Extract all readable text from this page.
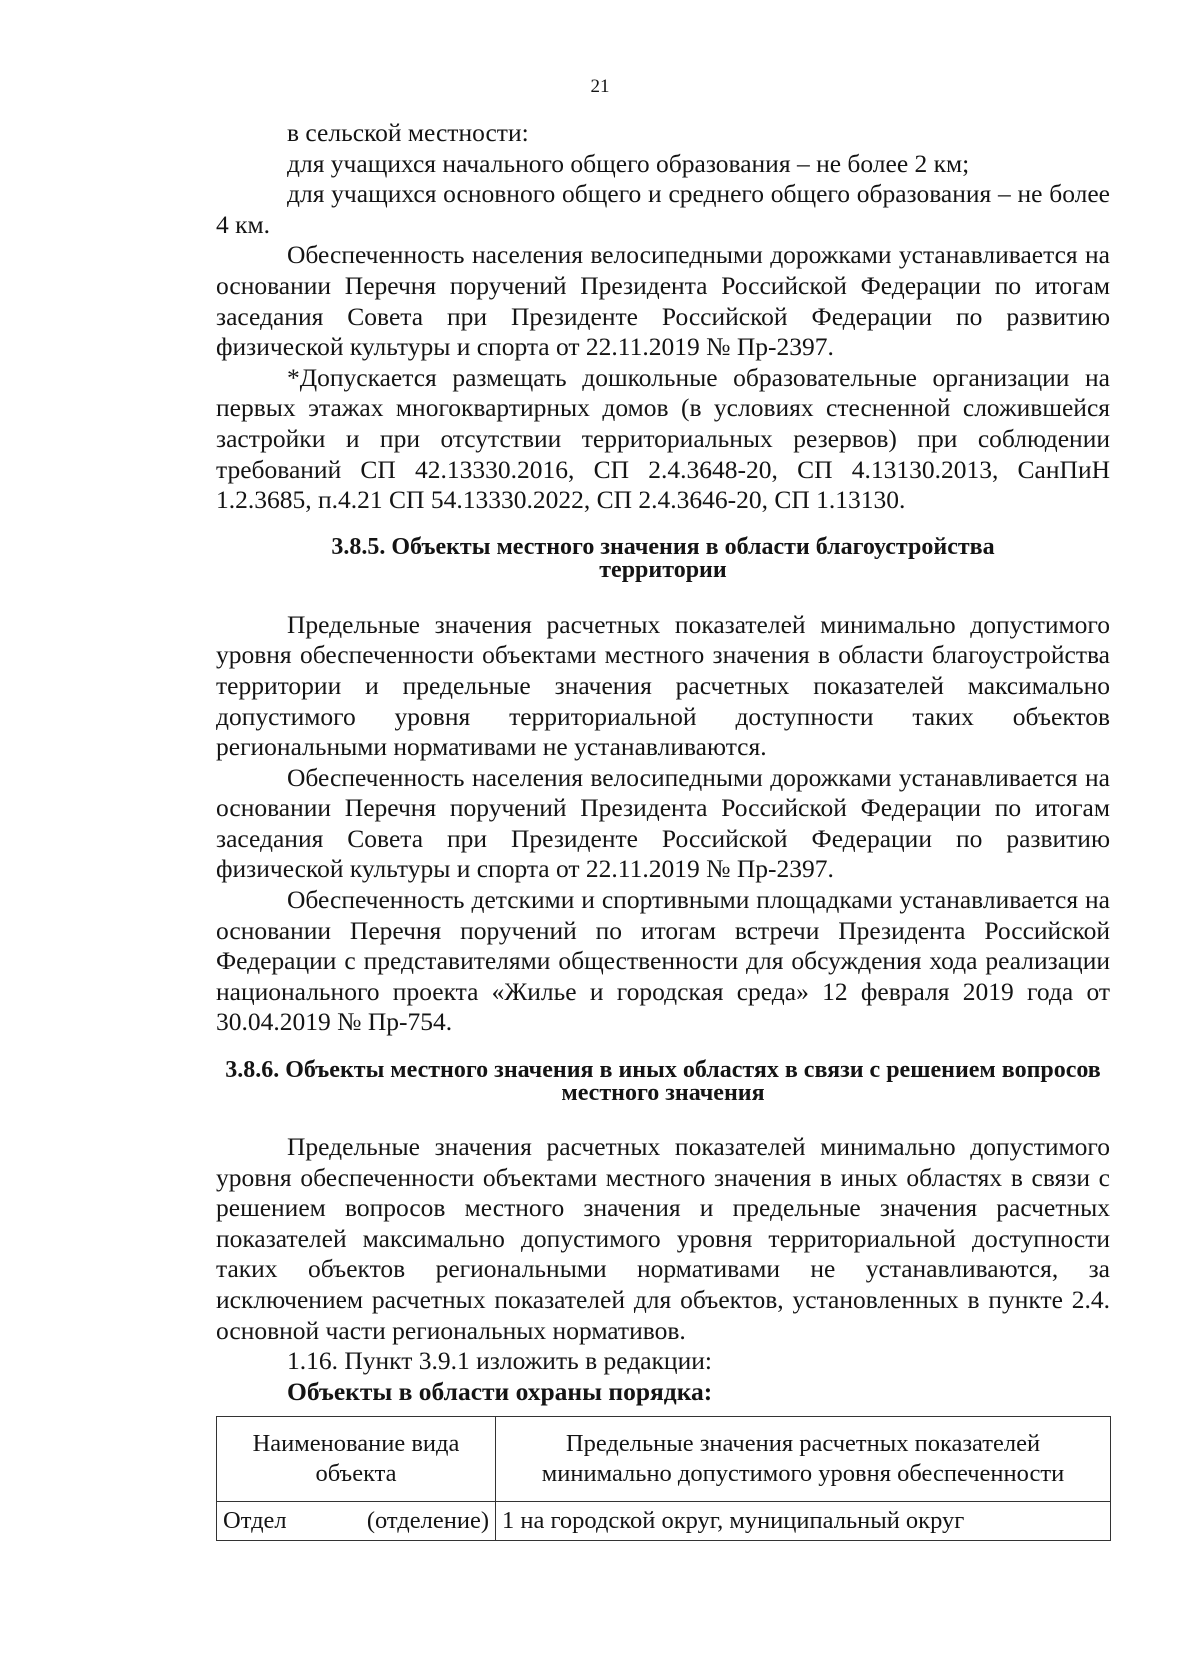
21

в сельской местности:

для учащихся начального общего образования – не более 2 км;

для учащихся основного общего и среднего общего образования – не более 4 км.

Обеспеченность населения велосипедными дорожками устанавливается на основании Перечня поручений Президента Российской Федерации по итогам заседания Совета при Президенте Российской Федерации по развитию физической культуры и спорта от 22.11.2019 № Пр-2397.

*Допускается размещать дошкольные образовательные организации на первых этажах многоквартирных домов (в условиях стесненной сложившейся застройки и при отсутствии территориальных резервов) при соблюдении требований СП 42.13330.2016, СП 2.4.3648-20, СП 4.13130.2013, СанПиН 1.2.3685, п.4.21 СП 54.13330.2022, СП 2.4.3646-20, СП 1.13130.

3.8.5. Объекты местного значения в области благоустройства территории

Предельные значения расчетных показателей минимально допустимого уровня обеспеченности объектами местного значения в области благоустройства территории и предельные значения расчетных показателей максимально допустимого уровня территориальной доступности таких объектов региональными нормативами не устанавливаются.

Обеспеченность населения велосипедными дорожками устанавливается на основании Перечня поручений Президента Российской Федерации по итогам заседания Совета при Президенте Российской Федерации по развитию физической культуры и спорта от 22.11.2019 № Пр-2397.

Обеспеченность детскими и спортивными площадками устанавливается на основании Перечня поручений по итогам встречи Президента Российской Федерации с представителями общественности для обсуждения хода реализации национального проекта «Жилье и городская среда» 12 февраля 2019 года от 30.04.2019 № Пр-754.

3.8.6. Объекты местного значения в иных областях в связи с решением вопросов местного значения

Предельные значения расчетных показателей минимально допустимого уровня обеспеченности объектами местного значения в иных областях в связи с решением вопросов местного значения и предельные значения расчетных показателей максимально допустимого уровня территориальной доступности таких объектов региональными нормативами не устанавливаются, за исключением расчетных показателей для объектов, установленных в пункте 2.4. основной части региональных нормативов.

1.16. Пункт 3.9.1 изложить в редакции:

Объекты в области охраны порядка:

Наименование вида объекта	Предельные значения расчетных показателей минимально допустимого уровня обеспеченности

Отдел (отделение)	1 на городской округ, муниципальный округ
